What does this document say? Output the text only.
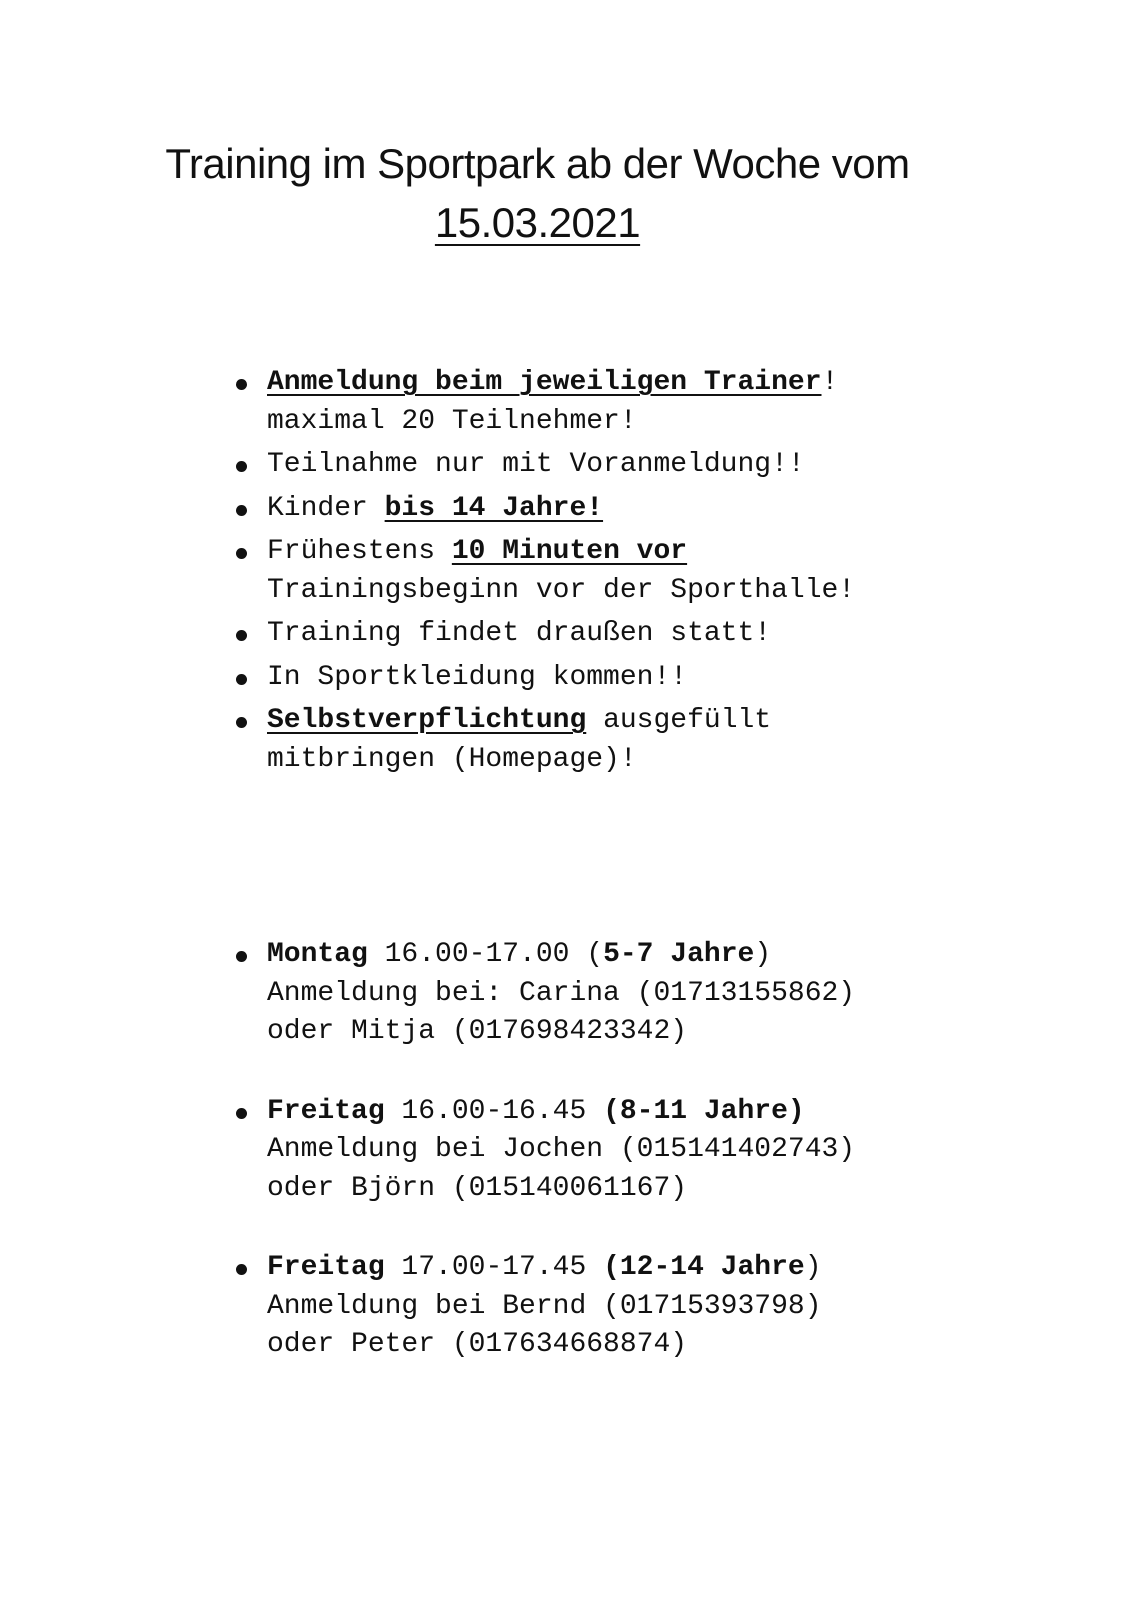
Training im Sportpark ab der Woche vom
15.03.2021
Anmeldung beim jeweiligen Trainer!
maximal 20 Teilnehmer!
Teilnahme nur mit Voranmeldung!!
Kinder bis 14 Jahre!
Frühestens 10 Minuten vor
Trainingsbeginn vor der Sporthalle!
Training findet draußen statt!
In Sportkleidung kommen!!
Selbstverpflichtung ausgefüllt
mitbringen (Homepage)!
Montag 16.00-17.00 (5-7 Jahre)
Anmeldung bei: Carina (01713155862)
oder Mitja (017698423342)
Freitag 16.00-16.45 (8-11 Jahre)
Anmeldung bei Jochen (015141402743)
oder Björn (015140061167)
Freitag 17.00-17.45 (12-14 Jahre)
Anmeldung bei Bernd (01715393798)
oder Peter (017634668874)
